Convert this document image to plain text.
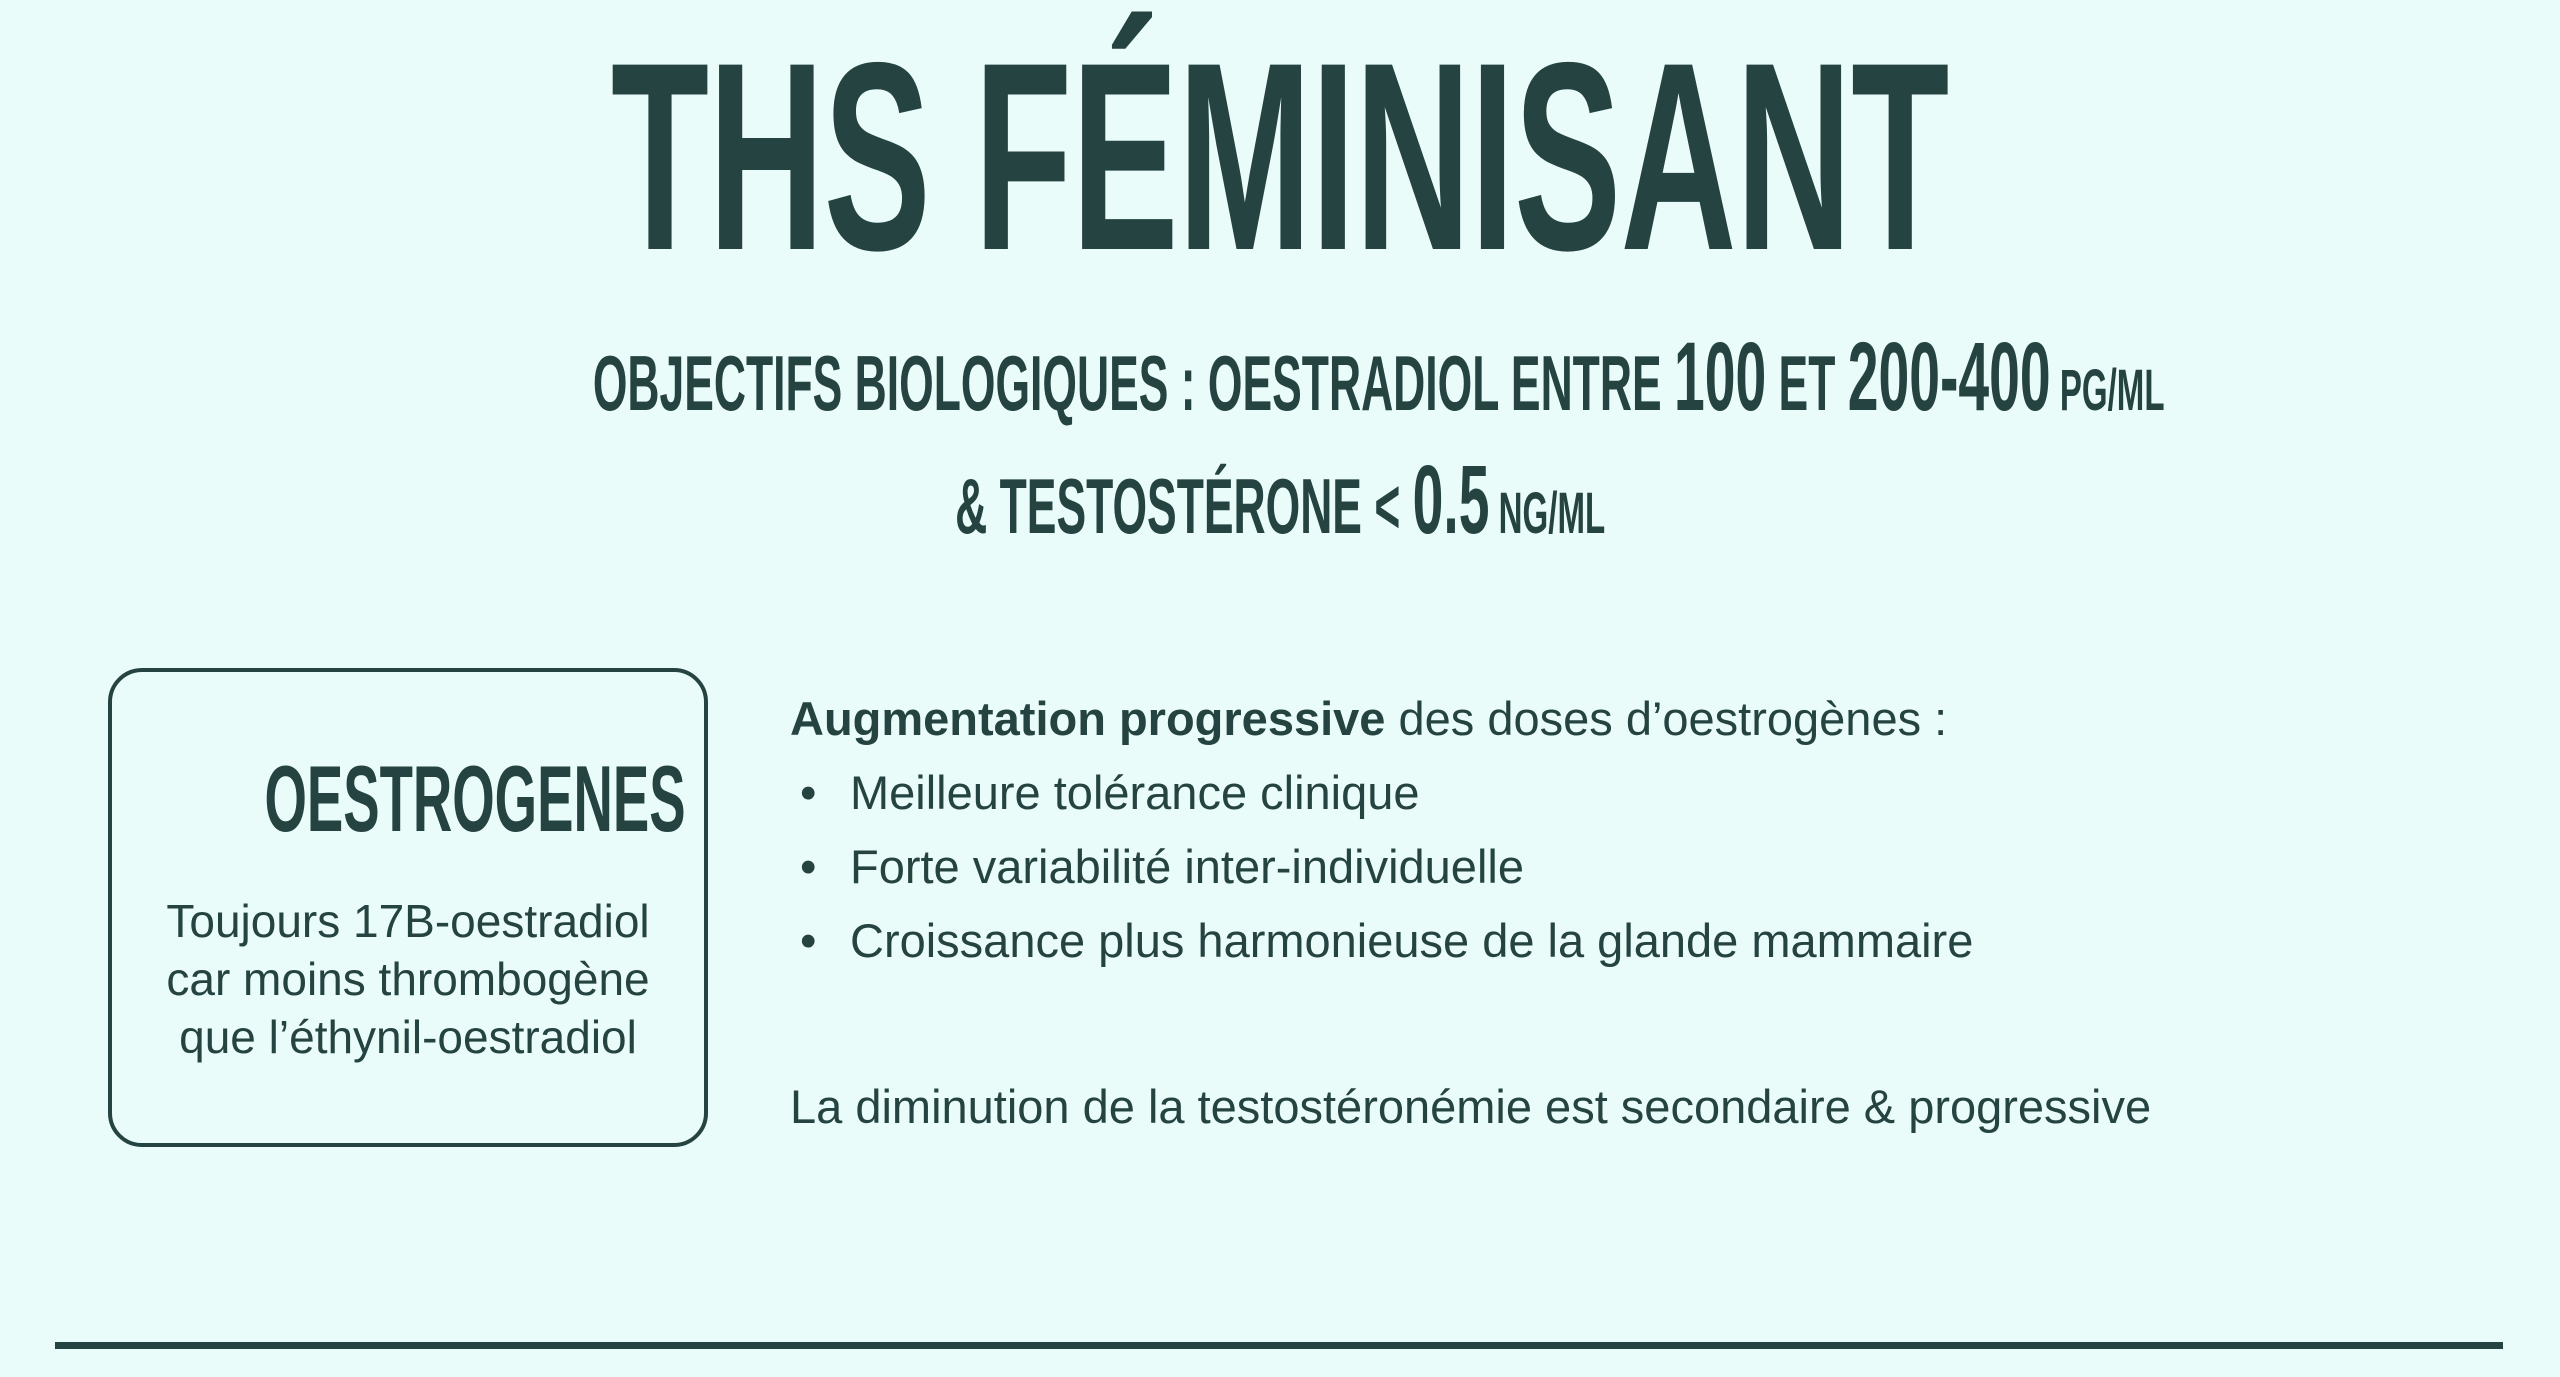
THS FÉMINISANT
OBJECTIFS BIOLOGIQUES : OESTRADIOL ENTRE 100 ET 200-400 PG/ML
& TESTOSTÉRONE < 0.5 NG/ML
OESTROGENES
Toujours 17B-oestradiol
car moins thrombogène
que l’éthynil-oestradiol
Augmentation progressive des doses d’oestrogènes :
• Meilleure tolérance clinique
• Forte variabilité inter-individuelle
• Croissance plus harmonieuse de la glande mammaire
La diminution de la testostéronémie est secondaire & progressive
